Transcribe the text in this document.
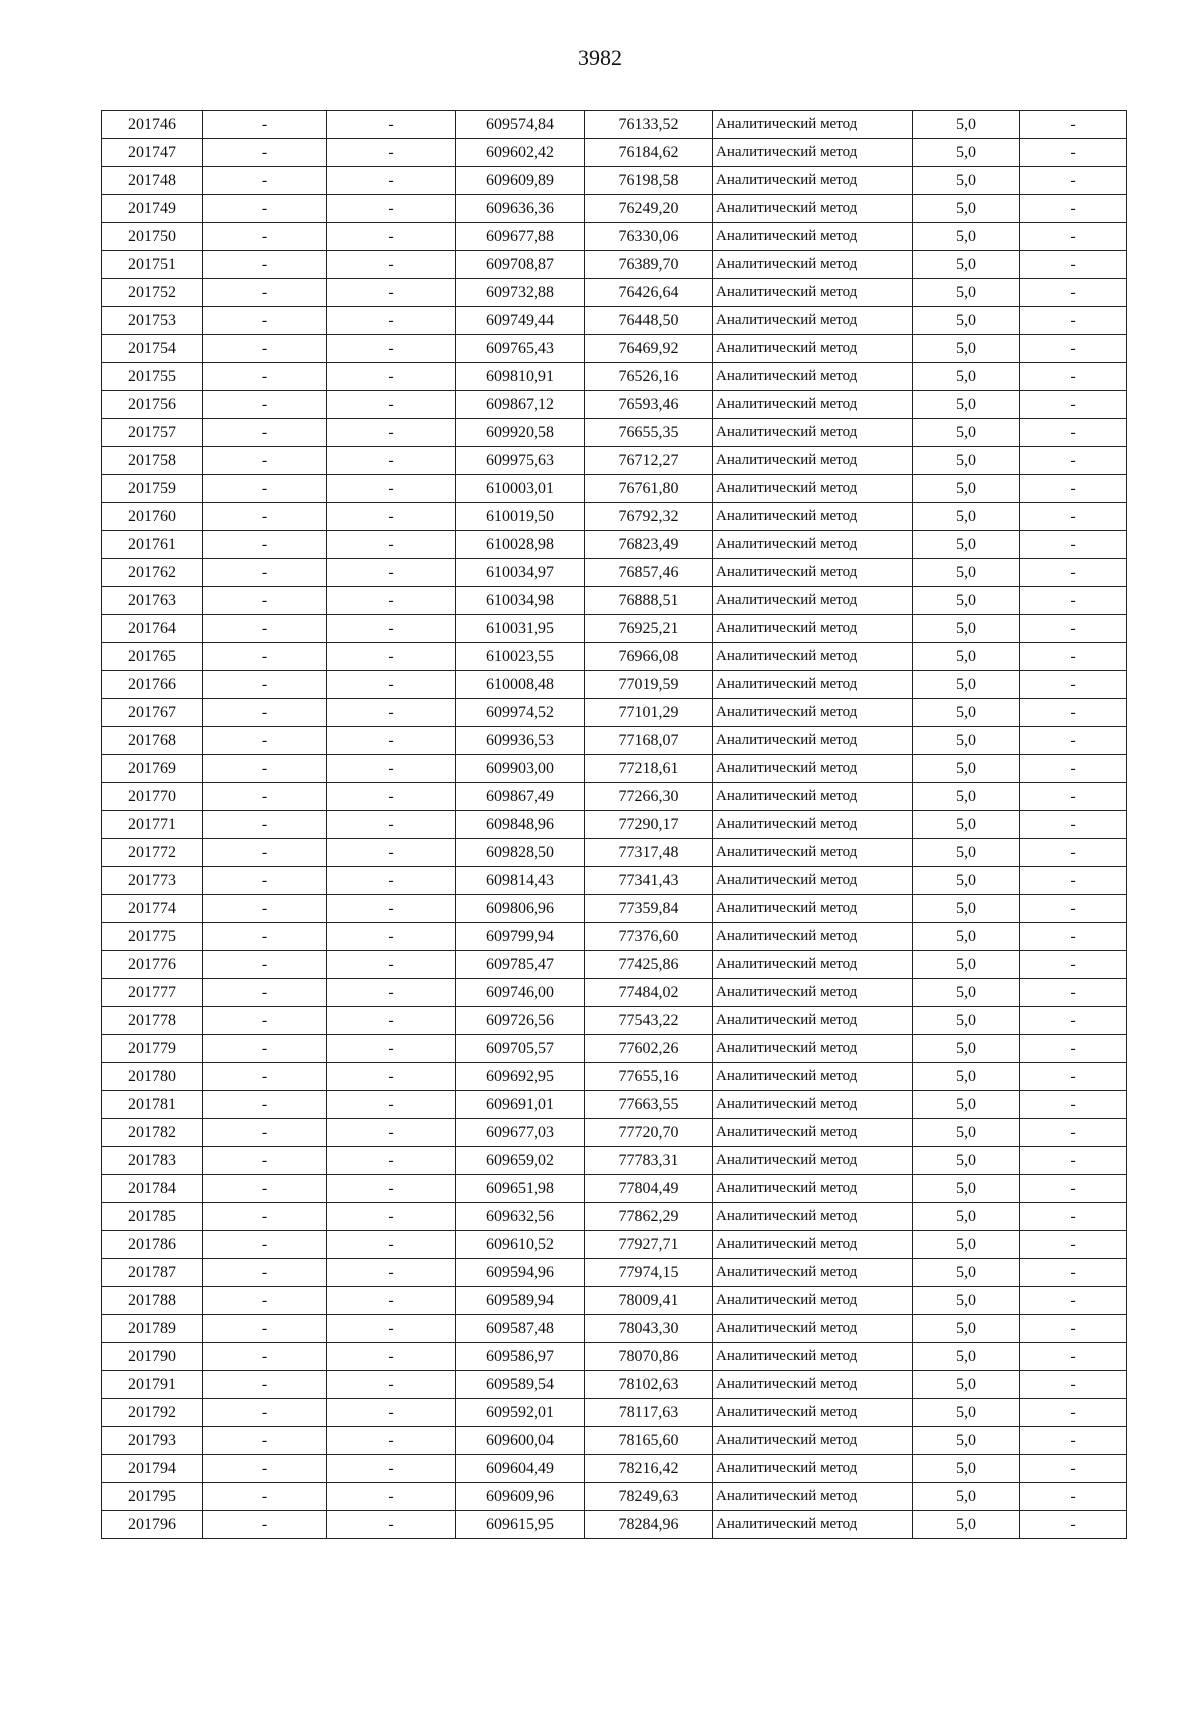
3982
201746	-	-	609574,84	76133,52	Аналитический метод	5,0	-
201747	-	-	609602,42	76184,62	Аналитический метод	5,0	-
201748	-	-	609609,89	76198,58	Аналитический метод	5,0	-
201749	-	-	609636,36	76249,20	Аналитический метод	5,0	-
201750	-	-	609677,88	76330,06	Аналитический метод	5,0	-
201751	-	-	609708,87	76389,70	Аналитический метод	5,0	-
201752	-	-	609732,88	76426,64	Аналитический метод	5,0	-
201753	-	-	609749,44	76448,50	Аналитический метод	5,0	-
201754	-	-	609765,43	76469,92	Аналитический метод	5,0	-
201755	-	-	609810,91	76526,16	Аналитический метод	5,0	-
201756	-	-	609867,12	76593,46	Аналитический метод	5,0	-
201757	-	-	609920,58	76655,35	Аналитический метод	5,0	-
201758	-	-	609975,63	76712,27	Аналитический метод	5,0	-
201759	-	-	610003,01	76761,80	Аналитический метод	5,0	-
201760	-	-	610019,50	76792,32	Аналитический метод	5,0	-
201761	-	-	610028,98	76823,49	Аналитический метод	5,0	-
201762	-	-	610034,97	76857,46	Аналитический метод	5,0	-
201763	-	-	610034,98	76888,51	Аналитический метод	5,0	-
201764	-	-	610031,95	76925,21	Аналитический метод	5,0	-
201765	-	-	610023,55	76966,08	Аналитический метод	5,0	-
201766	-	-	610008,48	77019,59	Аналитический метод	5,0	-
201767	-	-	609974,52	77101,29	Аналитический метод	5,0	-
201768	-	-	609936,53	77168,07	Аналитический метод	5,0	-
201769	-	-	609903,00	77218,61	Аналитический метод	5,0	-
201770	-	-	609867,49	77266,30	Аналитический метод	5,0	-
201771	-	-	609848,96	77290,17	Аналитический метод	5,0	-
201772	-	-	609828,50	77317,48	Аналитический метод	5,0	-
201773	-	-	609814,43	77341,43	Аналитический метод	5,0	-
201774	-	-	609806,96	77359,84	Аналитический метод	5,0	-
201775	-	-	609799,94	77376,60	Аналитический метод	5,0	-
201776	-	-	609785,47	77425,86	Аналитический метод	5,0	-
201777	-	-	609746,00	77484,02	Аналитический метод	5,0	-
201778	-	-	609726,56	77543,22	Аналитический метод	5,0	-
201779	-	-	609705,57	77602,26	Аналитический метод	5,0	-
201780	-	-	609692,95	77655,16	Аналитический метод	5,0	-
201781	-	-	609691,01	77663,55	Аналитический метод	5,0	-
201782	-	-	609677,03	77720,70	Аналитический метод	5,0	-
201783	-	-	609659,02	77783,31	Аналитический метод	5,0	-
201784	-	-	609651,98	77804,49	Аналитический метод	5,0	-
201785	-	-	609632,56	77862,29	Аналитический метод	5,0	-
201786	-	-	609610,52	77927,71	Аналитический метод	5,0	-
201787	-	-	609594,96	77974,15	Аналитический метод	5,0	-
201788	-	-	609589,94	78009,41	Аналитический метод	5,0	-
201789	-	-	609587,48	78043,30	Аналитический метод	5,0	-
201790	-	-	609586,97	78070,86	Аналитический метод	5,0	-
201791	-	-	609589,54	78102,63	Аналитический метод	5,0	-
201792	-	-	609592,01	78117,63	Аналитический метод	5,0	-
201793	-	-	609600,04	78165,60	Аналитический метод	5,0	-
201794	-	-	609604,49	78216,42	Аналитический метод	5,0	-
201795	-	-	609609,96	78249,63	Аналитический метод	5,0	-
201796	-	-	609615,95	78284,96	Аналитический метод	5,0	-
